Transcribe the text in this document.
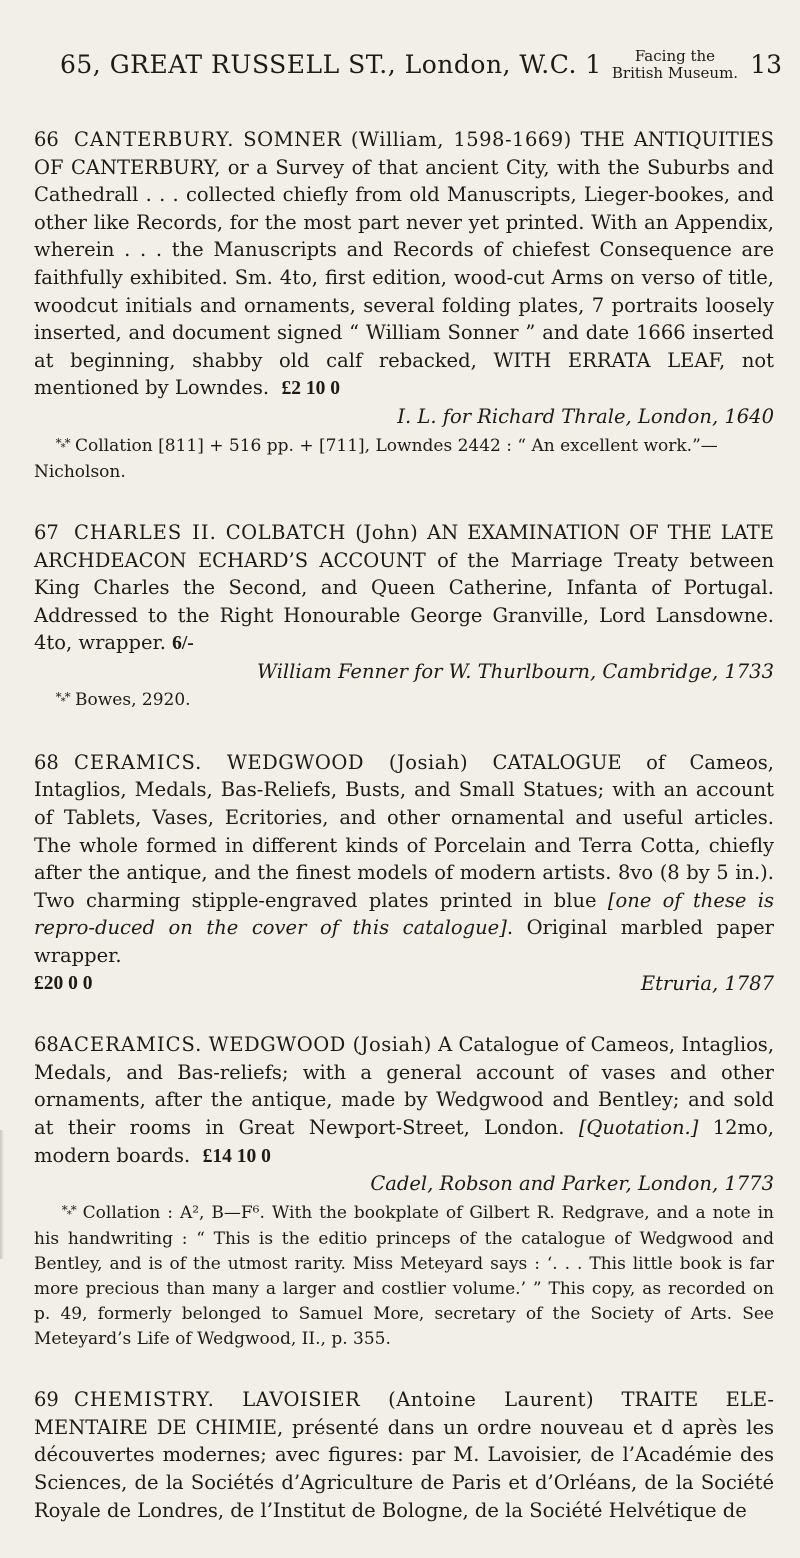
65, GREAT RUSSELL ST., London, W.C. 1	Facing the
British Museum. 13

66 CANTERBURY. SOMNER (William, 1598-1669) THE ANTIQUITIES OF CANTERBURY, or a Survey of that ancient City, with the Suburbs and Cathedrall . . . collected chiefly from old Manuscripts, Lieger-bookes, and other like Records, for the most part never yet printed. With an Appendix, wherein . . . the Manuscripts and Records of chiefest Consequence are faithfully exhibited. Sm. 4to, first edition, wood-cut Arms on verso of title, woodcut initials and ornaments, several folding plates, 7 portraits loosely inserted, and document signed “ William Sonner ” and date 1666 inserted at beginning, shabby old calf rebacked, WITH ERRATA LEAF, not mentioned by Lowndes. £2 10 0

I. L. for Richard Thrale, London, 1640

*** Collation [811] + 516 pp. + [711], Lowndes 2442 : “ An excellent work.”— Nicholson.

67 CHARLES II. COLBATCH (John) AN EXAMINATION OF THE LATE ARCHDEACON ECHARD’S ACCOUNT of the Marriage Treaty between King Charles the Second, and Queen Catherine, Infanta of Portugal. Addressed to the Right Honourable George Granville, Lord Lansdowne. 4to, wrapper. 6/-

William Fenner for W. Thurlbourn, Cambridge, 1733

*** Bowes, 2920.

68 CERAMICS. WEDGWOOD (Josiah) CATALOGUE of Cameos, Intaglios, Medals, Bas-Reliefs, Busts, and Small Statues; with an account of Tablets, Vases, Ecritories, and other ornamental and useful articles. The whole formed in different kinds of Porcelain and Terra Cotta, chiefly after the antique, and the finest models of modern artists. 8vo (8 by 5 in.). Two charming stipple-engraved plates printed in blue [one of these is repro-duced on the cover of this catalogue]. Original marbled paper wrapper.

£20 0 0	Etruria, 1787

68ACERAMICS. WEDGWOOD (Josiah) A Catalogue of Cameos, Intaglios, Medals, and Bas-reliefs; with a general account of vases and other ornaments, after the antique, made by Wedgwood and Bentley; and sold at their rooms in Great Newport-Street, London. [Quotation.] 12mo, modern boards. £14 10 0

Cadel, Robson and Parker, London, 1773

*** Collation : A², B—F⁶. With the bookplate of Gilbert R. Redgrave, and a note in his handwriting : “ This is the editio princeps of the catalogue of Wedgwood and Bentley, and is of the utmost rarity. Miss Meteyard says : ‘. . . This little book is far more precious than many a larger and costlier volume.’ ” This copy, as recorded on p. 49, formerly belonged to Samuel More, secretary of the Society of Arts. See Meteyard’s Life of Wedgwood, II., p. 355.

69 CHEMISTRY. LAVOISIER (Antoine Laurent) TRAITE ELE-MENTAIRE DE CHIMIE, présenté dans un ordre nouveau et d après les découvertes modernes; avec figures: par M. Lavoisier, de l’Académie des Sciences, de la Sociétés d’Agriculture de Paris et d’Orléans, de la Société Royale de Londres, de l’Institut de Bologne, de la Société Helvétique de
